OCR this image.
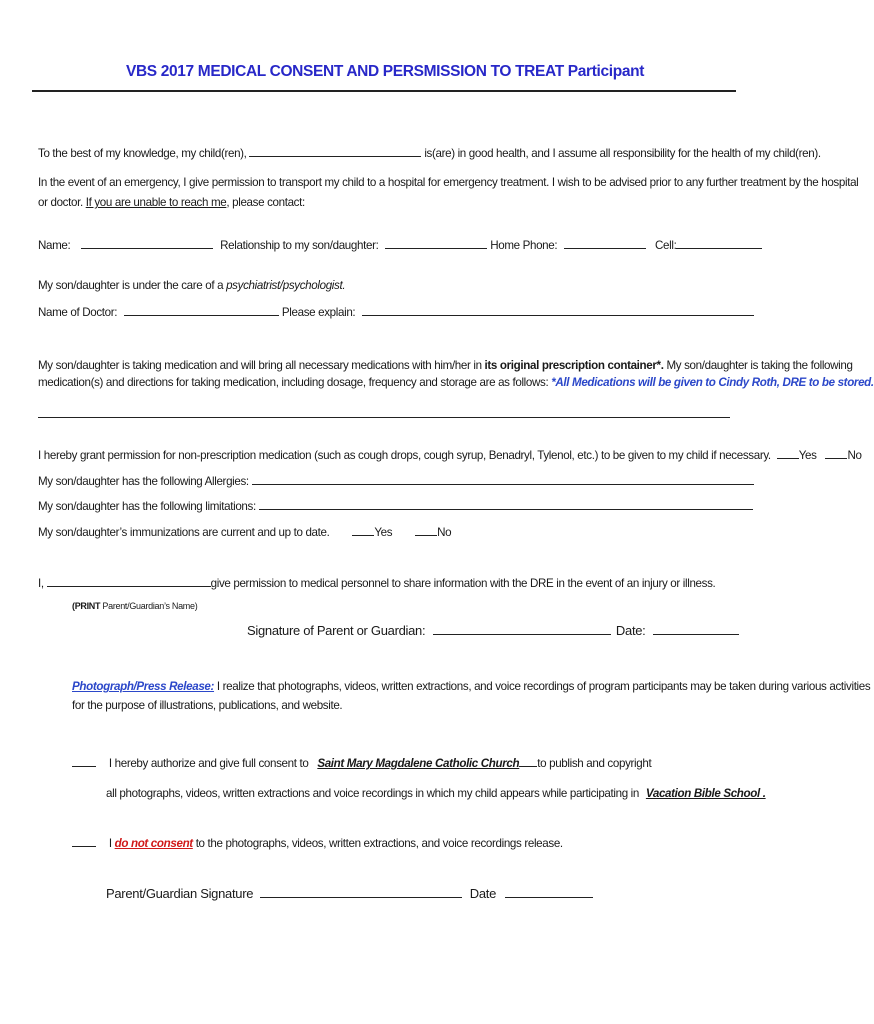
VBS 2017 MEDICAL CONSENT AND PERSMISSION TO TREAT Participant
To the best of my knowledge, my child(ren),	is(are) in good health, and I assume all responsibility for the health of my child(ren).
In the event of an emergency, I give permission to transport my child to a hospital for emergency treatment. I wish to be advised prior to any further treatment by the hospital
or doctor. If you are unable to reach me, please contact:
Name:	Relationship to my son/daughter:	Home Phone:	Cell:
My son/daughter is under the care of a psychiatrist/psychologist.
Name of Doctor:	Please explain:
My son/daughter is taking medication and will bring all necessary medications with him/her in its original prescription container*. My son/daughter is taking the following
medication(s) and directions for taking medication, including dosage, frequency and storage are as follows: *All Medications will be given to Cindy Roth, DRE to be stored.
I hereby grant permission for non-prescription medication (such as cough drops, cough syrup, Benadryl, Tylenol, etc.) to be given to my child if necessary. Yes	No
My son/daughter has the following Allergies:
My son/daughter has the following limitations:
My son/daughter’s immunizations are current and up to date.	Yes	No
I,	give permission to medical personnel to share information with the DRE in the event of an injury or illness.
(PRINT Parent/Guardian’s Name)
Signature of Parent or Guardian:	Date:
Photograph/Press Release: I realize that photographs, videos, written extractions, and voice recordings of program participants may be taken during various activities
for the purpose of illustrations, publications, and website.
I hereby authorize and give full consent to Saint Mary Magdalene Catholic Church to publish and copyright
all photographs, videos, written extractions and voice recordings in which my child appears while participating in Vacation Bible School .
I do not consent to the photographs, videos, written extractions, and voice recordings release.
Parent/Guardian Signature	Date
